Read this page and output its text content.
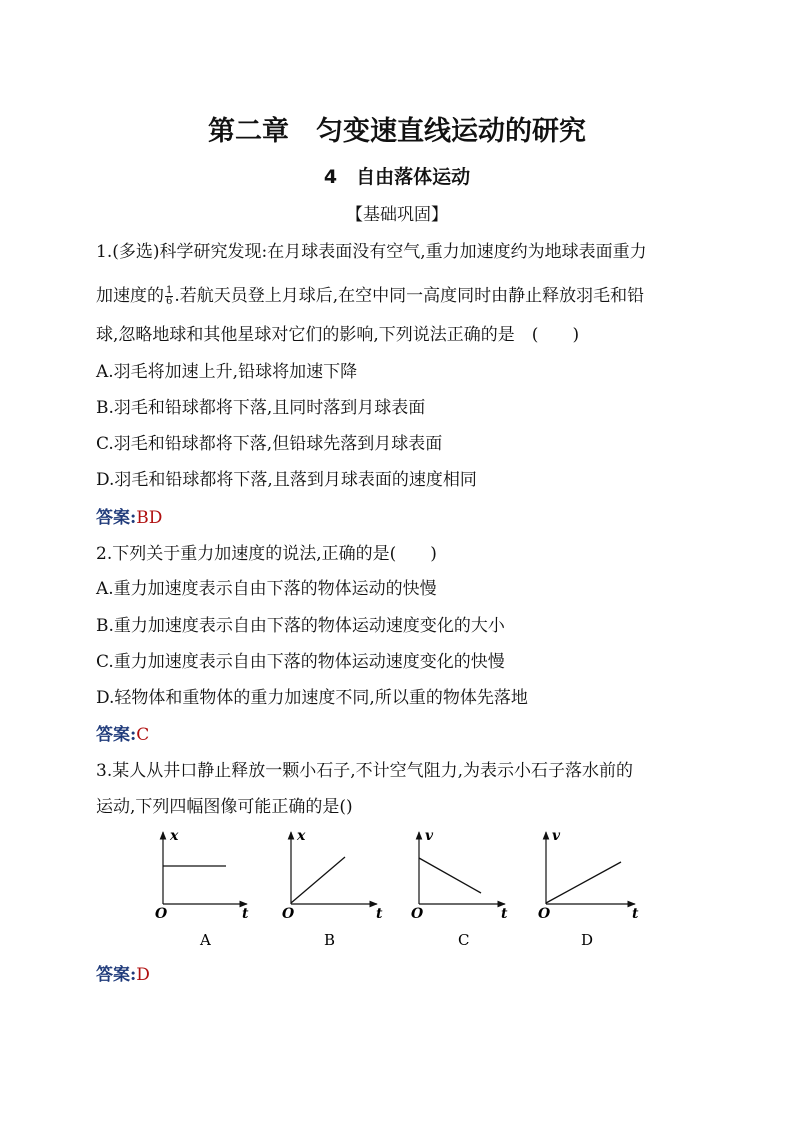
第二章　匀变速直线运动的研究
4　自由落体运动
【基础巩固】
1.(多选)科学研究发现:在月球表面没有空气,重力加速度约为地球表面重力
加速度的 $\frac{1}{6}$ .若航天员登上月球后,在空中同一高度同时由静止释放羽毛和铅
球,忽略地球和其他星球对它们的影响,下列说法正确的是　(　　)
A.羽毛将加速上升,铅球将加速下降
B.羽毛和铅球都将下落,且同时落到月球表面
C.羽毛和铅球都将下落,但铅球先落到月球表面
D.羽毛和铅球都将下落,且落到月球表面的速度相同
答案:BD
2.下列关于重力加速度的说法,正确的是(　　)
A.重力加速度表示自由下落的物体运动的快慢
B.重力加速度表示自由下落的物体运动速度变化的大小
C.重力加速度表示自由下落的物体运动速度变化的快慢
D.轻物体和重物体的重力加速度不同,所以重的物体先落地
答案:C
3.某人从井口静止释放一颗小石子,不计空气阻力,为表示小石子落水前的
运动,下列四幅图像可能正确的是()
x
O	t
A
x
O	t
B
v
O	t
C
v
O	t
D
答案:D
